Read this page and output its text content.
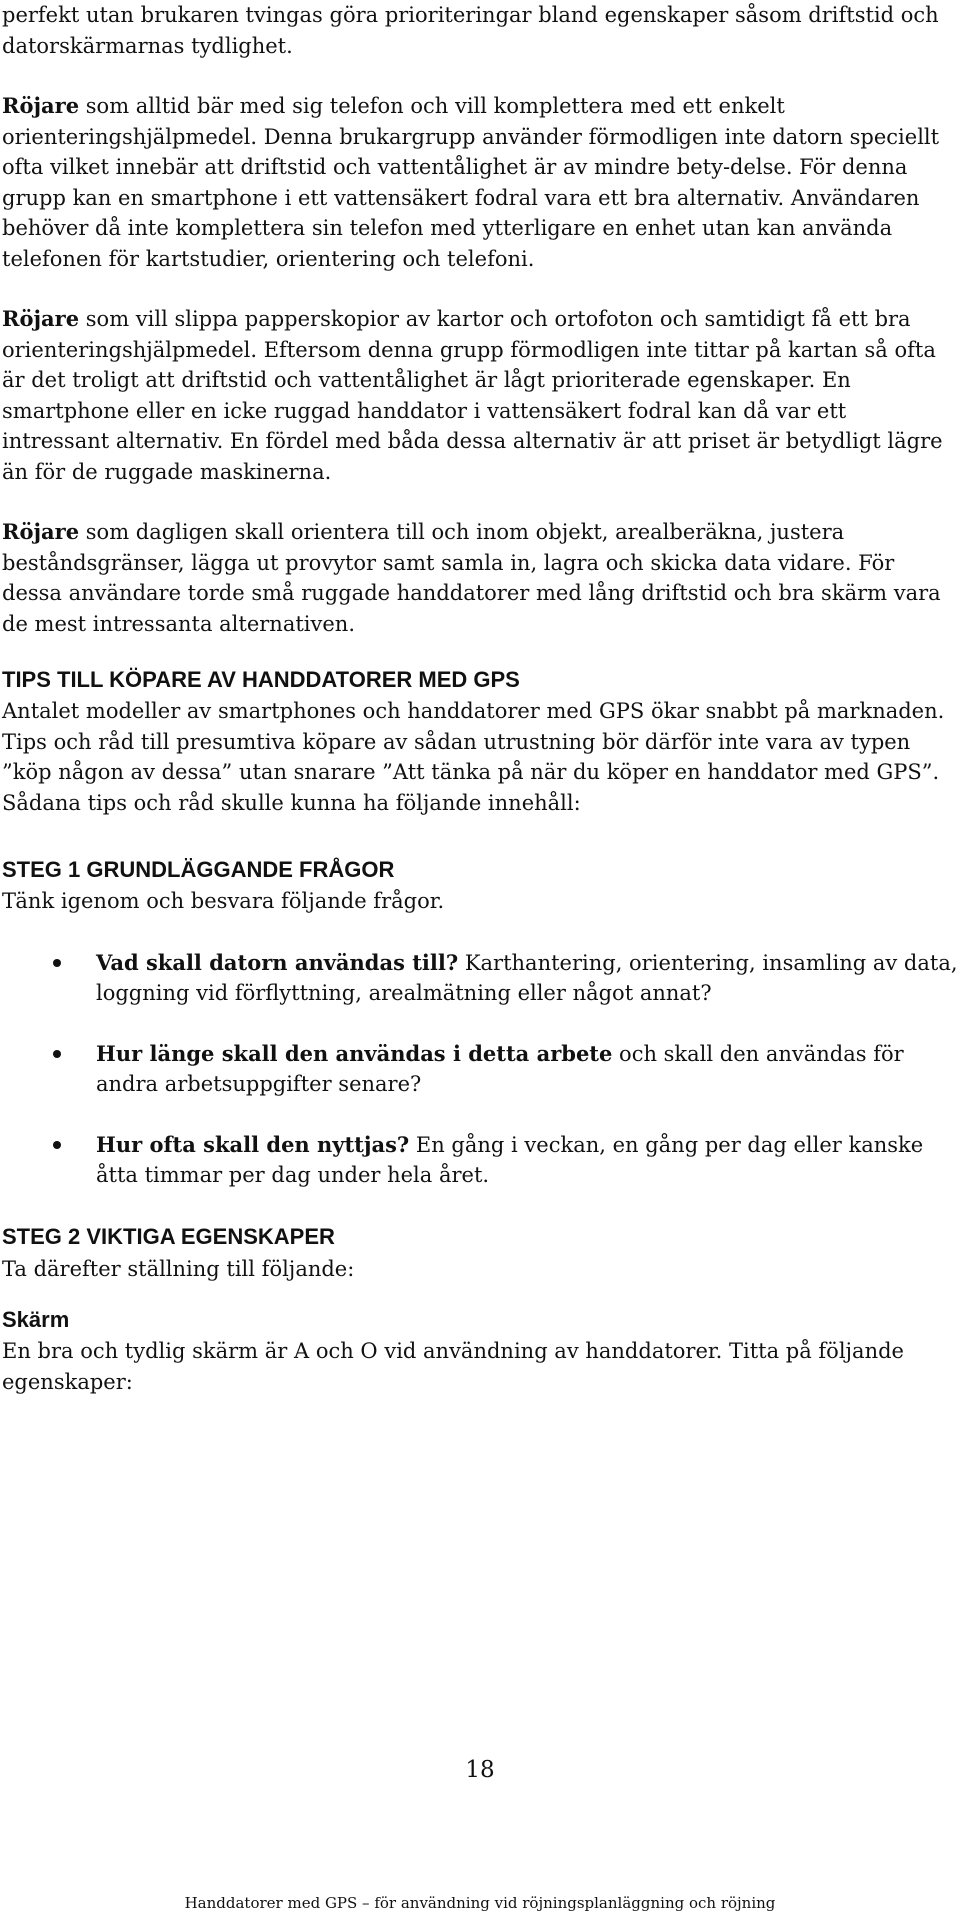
perfekt utan brukaren tvingas göra prioriteringar bland egenskaper såsom driftstid och datorskärmarnas tydlighet.

Röjare som alltid bär med sig telefon och vill komplettera med ett enkelt orienteringshjälpmedel. Denna brukargrupp använder förmodligen inte datorn speciellt ofta vilket innebär att driftstid och vattentålighet är av mindre bety-delse. För denna grupp kan en smartphone i ett vattensäkert fodral vara ett bra alternativ. Användaren behöver då inte komplettera sin telefon med ytterligare en enhet utan kan använda telefonen för kartstudier, orientering och telefoni.

Röjare som vill slippa papperskopior av kartor och ortofoton och samtidigt få ett bra orienteringshjälpmedel. Eftersom denna grupp förmodligen inte tittar på kartan så ofta är det troligt att driftstid och vattentålighet är lågt prioriterade egenskaper. En smartphone eller en icke ruggad handdator i vattensäkert fodral kan då var ett intressant alternativ. En fördel med båda dessa alternativ är att priset är betydligt lägre än för de ruggade maskinerna.

Röjare som dagligen skall orientera till och inom objekt, arealberäkna, justera beståndsgränser, lägga ut provytor samt samla in, lagra och skicka data vidare. För dessa användare torde små ruggade handdatorer med lång driftstid och bra skärm vara de mest intressanta alternativen.

TIPS TILL KÖPARE AV HANDDATORER MED GPS

Antalet modeller av smartphones och handdatorer med GPS ökar snabbt på marknaden. Tips och råd till presumtiva köpare av sådan utrustning bör därför inte vara av typen ”köp någon av dessa” utan snarare ”Att tänka på när du köper en handdator med GPS”. Sådana tips och råd skulle kunna ha följande innehåll:

STEG 1 GRUNDLÄGGANDE FRÅGOR

Tänk igenom och besvara följande frågor.

Vad skall datorn användas till? Karthantering, orientering, insamling av data, loggning vid förflyttning, arealmätning eller något annat?
Hur länge skall den användas i detta arbete och skall den användas för andra arbetsuppgifter senare?
Hur ofta skall den nyttjas? En gång i veckan, en gång per dag eller kanske åtta timmar per dag under hela året.
STEG 2 VIKTIGA EGENSKAPER

Ta därefter ställning till följande:

Skärm

En bra och tydlig skärm är A och O vid användning av handdatorer. Titta på följande egenskaper:

18
Handdatorer med GPS – för användning vid röjningsplanläggning och röjning
